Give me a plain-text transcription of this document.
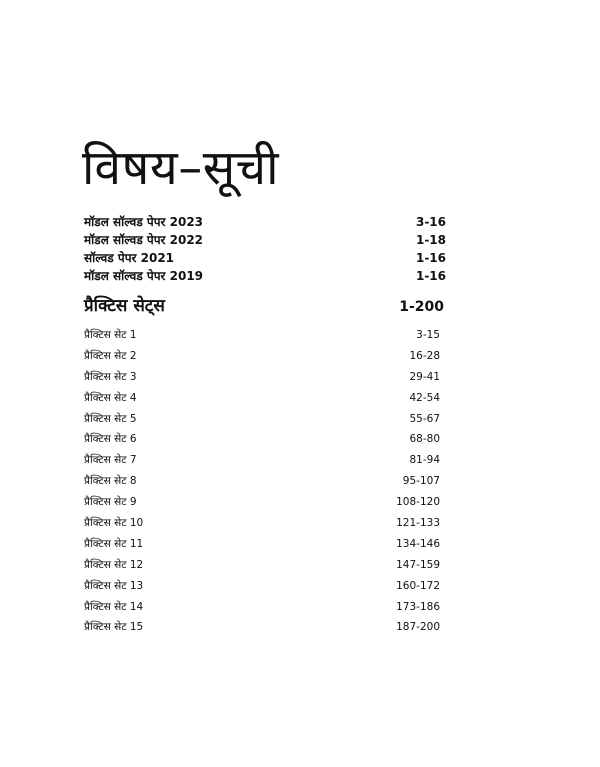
विषय–सूची
मॉडल सॉल्वड पेपर 2023	3-16
मॉडल सॉल्वड पेपर 2022	1-18
सॉल्वड पेपर 2021	1-16
मॉडल सॉल्वड पेपर 2019	1-16
प्रैक्टिस सेट्स	1-200
प्रैक्टिस सेट 1	3-15
प्रैक्टिस सेट 2	16-28
प्रैक्टिस सेट 3	29-41
प्रैक्टिस सेट 4	42-54
प्रैक्टिस सेट 5	55-67
प्रैक्टिस सेट 6	68-80
प्रैक्टिस सेट 7	81-94
प्रैक्टिस सेट 8	95-107
प्रैक्टिस सेट 9	108-120
प्रैक्टिस सेट 10	121-133
प्रैक्टिस सेट 11	134-146
प्रैक्टिस सेट 12	147-159
प्रैक्टिस सेट 13	160-172
प्रैक्टिस सेट 14	173-186
प्रैक्टिस सेट 15	187-200
